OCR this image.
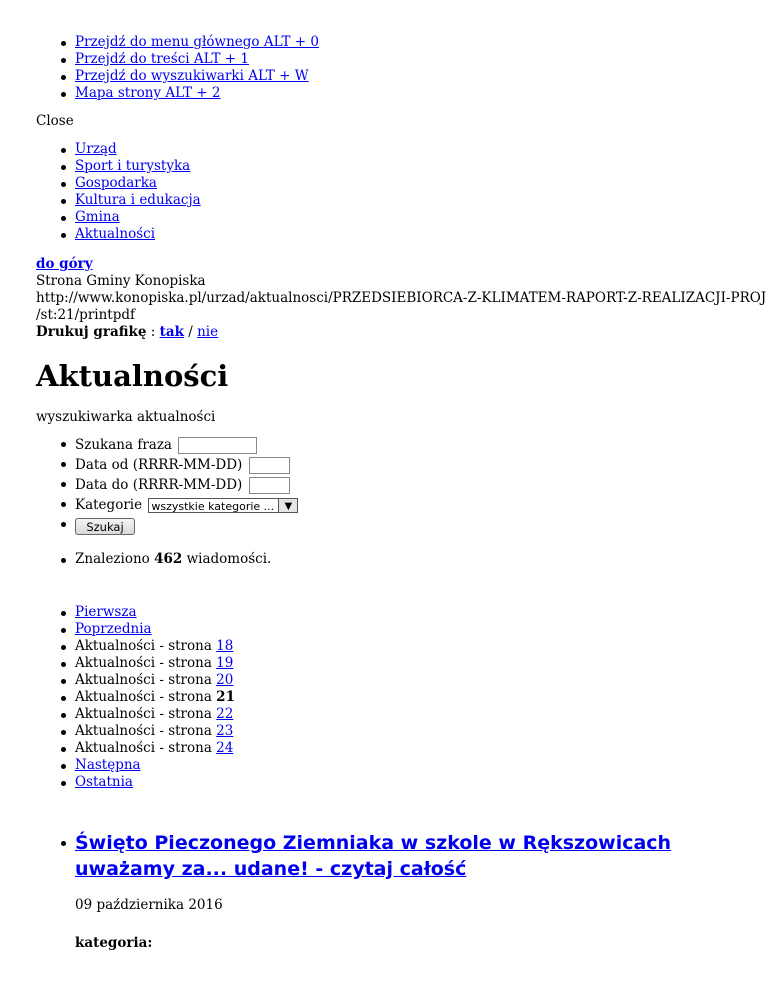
Przejdź do menu głównego ALT + 0
Przejdź do treści ALT + 1
Przejdź do wyszukiwarki ALT + W
Mapa strony ALT + 2
Close
Urząd
Sport i turystyka
Gospodarka
Kultura i edukacja
Gmina
Aktualności
do góry
Strona Gminy Konopiska
http://www.konopiska.pl/urzad/aktualnosci/PRZEDSIEBIORCA-Z-KLIMATEM-RAPORT-Z-REALIZACJI-PROJ
/st:21/printpdf
Drukuj grafikę : tak / nie
Aktualności
wyszukiwarka aktualności
Szukana fraza
Data od (RRRR-MM-DD)
Data do (RRRR-MM-DD)
Kategorie wszystkie kategorie ...	▼
Szukaj
Znaleziono 462 wiadomości.
Pierwsza
Poprzednia
Aktualności - strona 18
Aktualności - strona 19
Aktualności - strona 20
Aktualności - strona 21
Aktualności - strona 22
Aktualności - strona 23
Aktualności - strona 24
Następna
Ostatnia
Święto Pieczonego Ziemniaka w szkole w Rększowicach
uważamy za... udane! - czytaj całość
09 października 2016
kategoria:
